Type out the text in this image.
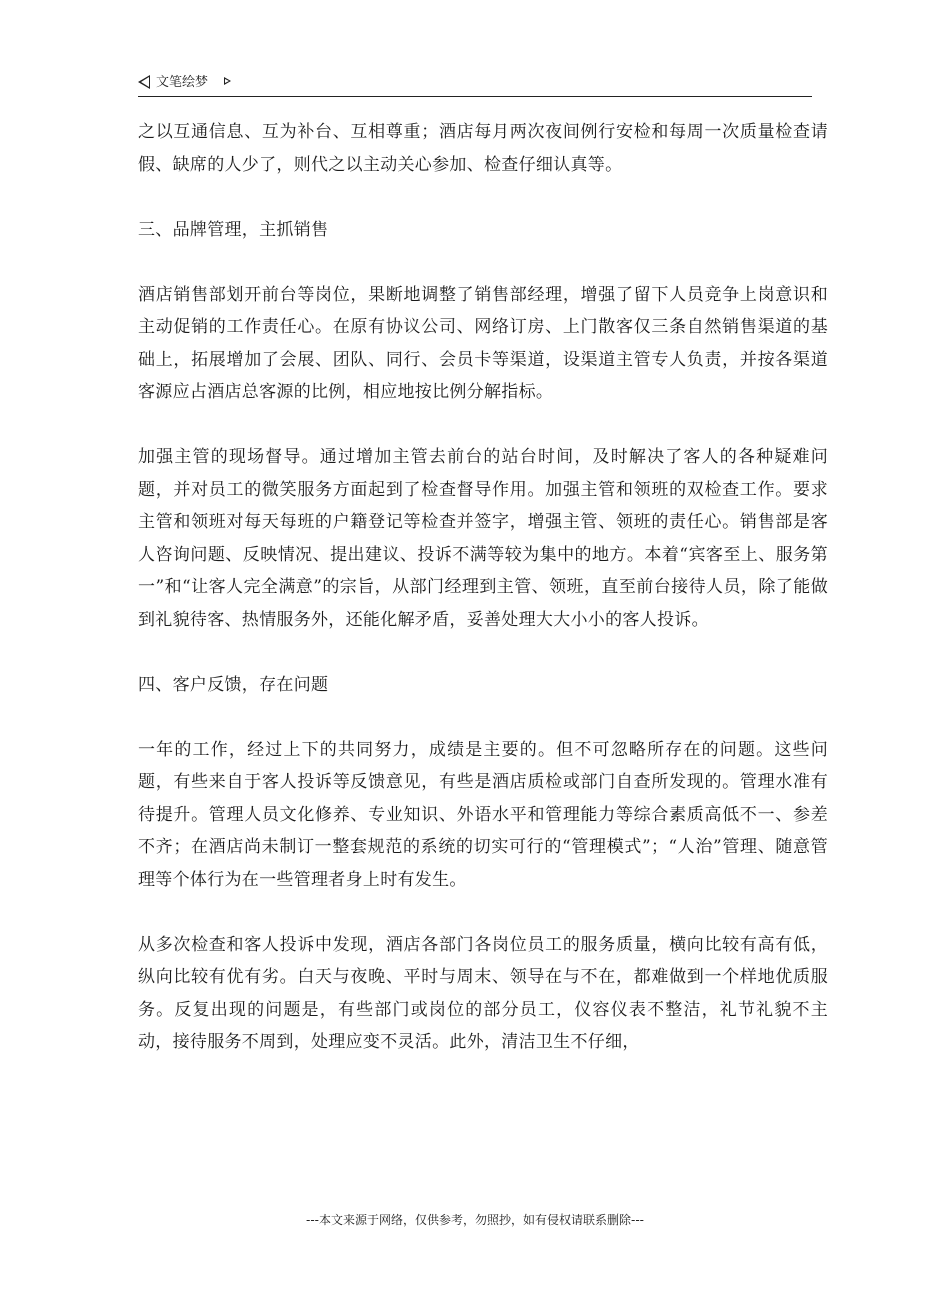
文笔绘梦

之以互通信息、互为补台、互相尊重；酒店每月两次夜间例行安检和每周一次质量检查请假、缺席的人少了，则代之以主动关心参加、检查仔细认真等。

三、品牌管理，主抓销售

酒店销售部划开前台等岗位，果断地调整了销售部经理，增强了留下人员竞争上岗意识和主动促销的工作责任心。在原有协议公司、网络订房、上门散客仅三条自然销售渠道的基础上，拓展增加了会展、团队、同行、会员卡等渠道，设渠道主管专人负责，并按各渠道客源应占酒店总客源的比例，相应地按比例分解指标。

加强主管的现场督导。通过增加主管去前台的站台时间，及时解决了客人的各种疑难问题，并对员工的微笑服务方面起到了检查督导作用。加强主管和领班的双检查工作。要求主管和领班对每天每班的户籍登记等检查并签字，增强主管、领班的责任心。销售部是客人咨询问题、反映情况、提出建议、投诉不满等较为集中的地方。本着“宾客至上、服务第一”和“让客人完全满意”的宗旨，从部门经理到主管、领班，直至前台接待人员，除了能做到礼貌待客、热情服务外，还能化解矛盾，妥善处理大大小小的客人投诉。

四、客户反馈，存在问题

一年的工作，经过上下的共同努力，成绩是主要的。但不可忽略所存在的问题。这些问题，有些来自于客人投诉等反馈意见，有些是酒店质检或部门自查所发现的。管理水准有待提升。管理人员文化修养、专业知识、外语水平和管理能力等综合素质高低不一、参差不齐；在酒店尚未制订一整套规范的系统的切实可行的“管理模式”；“人治”管理、随意管理等个体行为在一些管理者身上时有发生。

从多次检查和客人投诉中发现，酒店各部门各岗位员工的服务质量，横向比较有高有低，纵向比较有优有劣。白天与夜晚、平时与周末、领导在与不在，都难做到一个样地优质服务。反复出现的问题是，有些部门或岗位的部分员工，仪容仪表不整洁，礼节礼貌不主动，接待服务不周到，处理应变不灵活。此外，清洁卫生不仔细，

---本文来源于网络，仅供参考，勿照抄，如有侵权请联系删除---
